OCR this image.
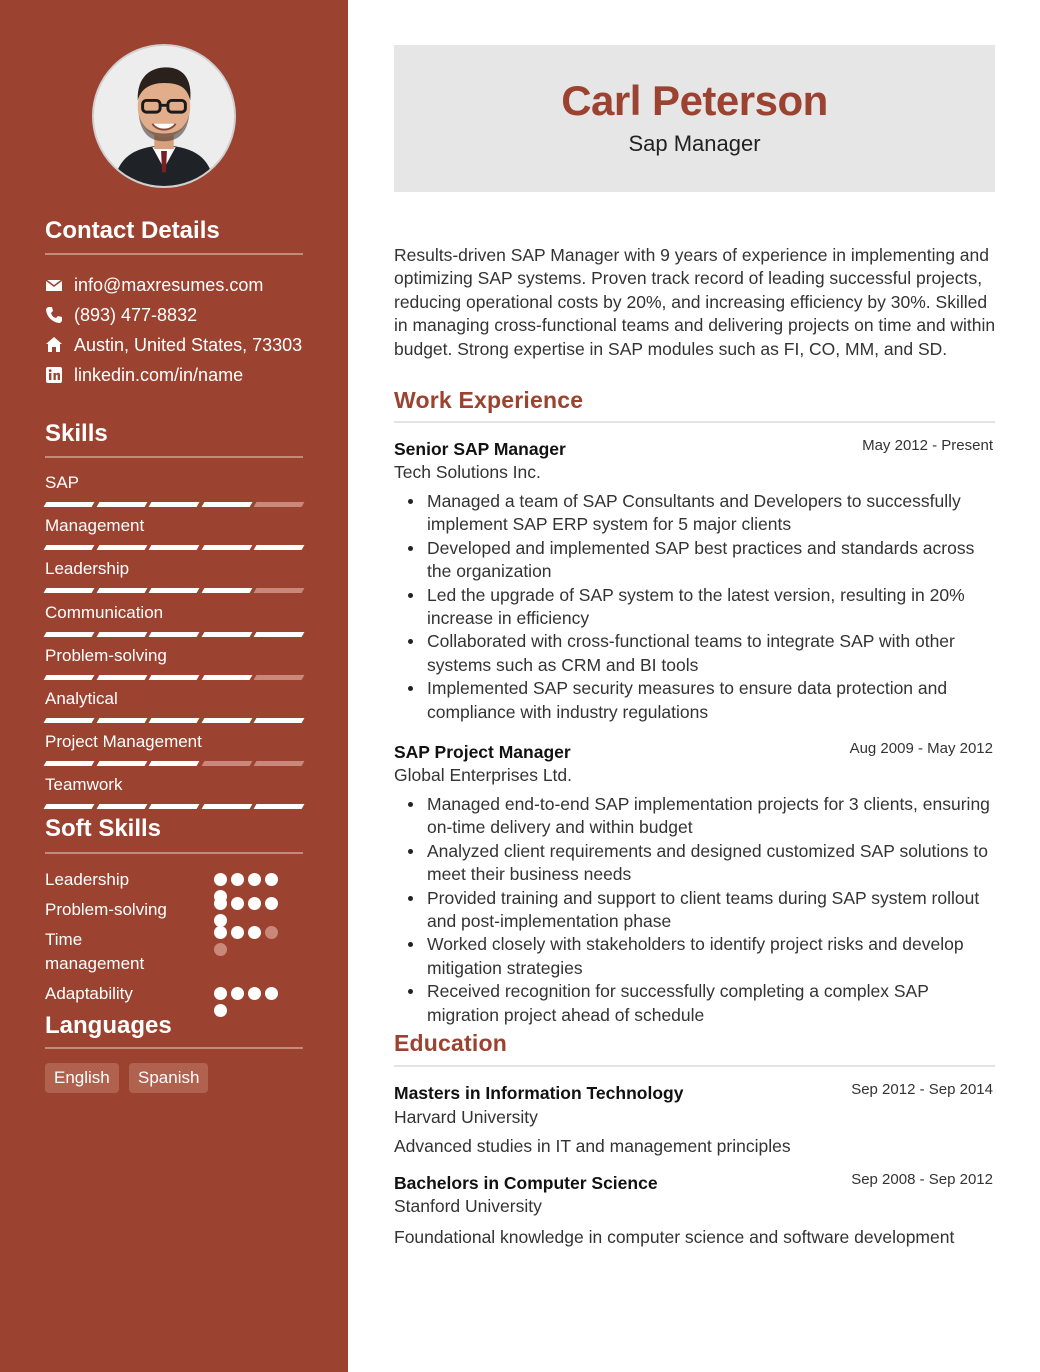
Contact Details
info@maxresumes.com
(893) 477-8832
Austin, United States, 73303
linkedin.com/in/name
Skills
SAP
Management
Leadership
Communication
Problem-solving
Analytical
Project Management
Teamwork
Soft Skills
Leadership
Problem-solving
Time management
Adaptability
Languages
English	Spanish
Carl Peterson
Sap Manager

Results-driven SAP Manager with 9 years of experience in implementing and optimizing SAP systems. Proven track record of leading successful projects, reducing operational costs by 20%, and increasing efficiency by 30%. Skilled in managing cross-functional teams and delivering projects on time and within budget. Strong expertise in SAP modules such as FI, CO, MM, and SD.

Work Experience
Senior SAP Manager	May 2012 - Present
Tech Solutions Inc.
Managed a team of SAP Consultants and Developers to successfully implement SAP ERP system for 5 major clients
Developed and implemented SAP best practices and standards across the organization
Led the upgrade of SAP system to the latest version, resulting in 20% increase in efficiency
Collaborated with cross-functional teams to integrate SAP with other systems such as CRM and BI tools
Implemented SAP security measures to ensure data protection and compliance with industry regulations
SAP Project Manager	Aug 2009 - May 2012
Global Enterprises Ltd.
Managed end-to-end SAP implementation projects for 3 clients, ensuring on-time delivery and within budget
Analyzed client requirements and designed customized SAP solutions to meet their business needs
Provided training and support to client teams during SAP system rollout and post-implementation phase
Worked closely with stakeholders to identify project risks and develop mitigation strategies
Received recognition for successfully completing a complex SAP migration project ahead of schedule
Education
Masters in Information Technology	Sep 2012 - Sep 2014
Harvard University
Advanced studies in IT and management principles
Bachelors in Computer Science	Sep 2008 - Sep 2012
Stanford University
Foundational knowledge in computer science and software development
